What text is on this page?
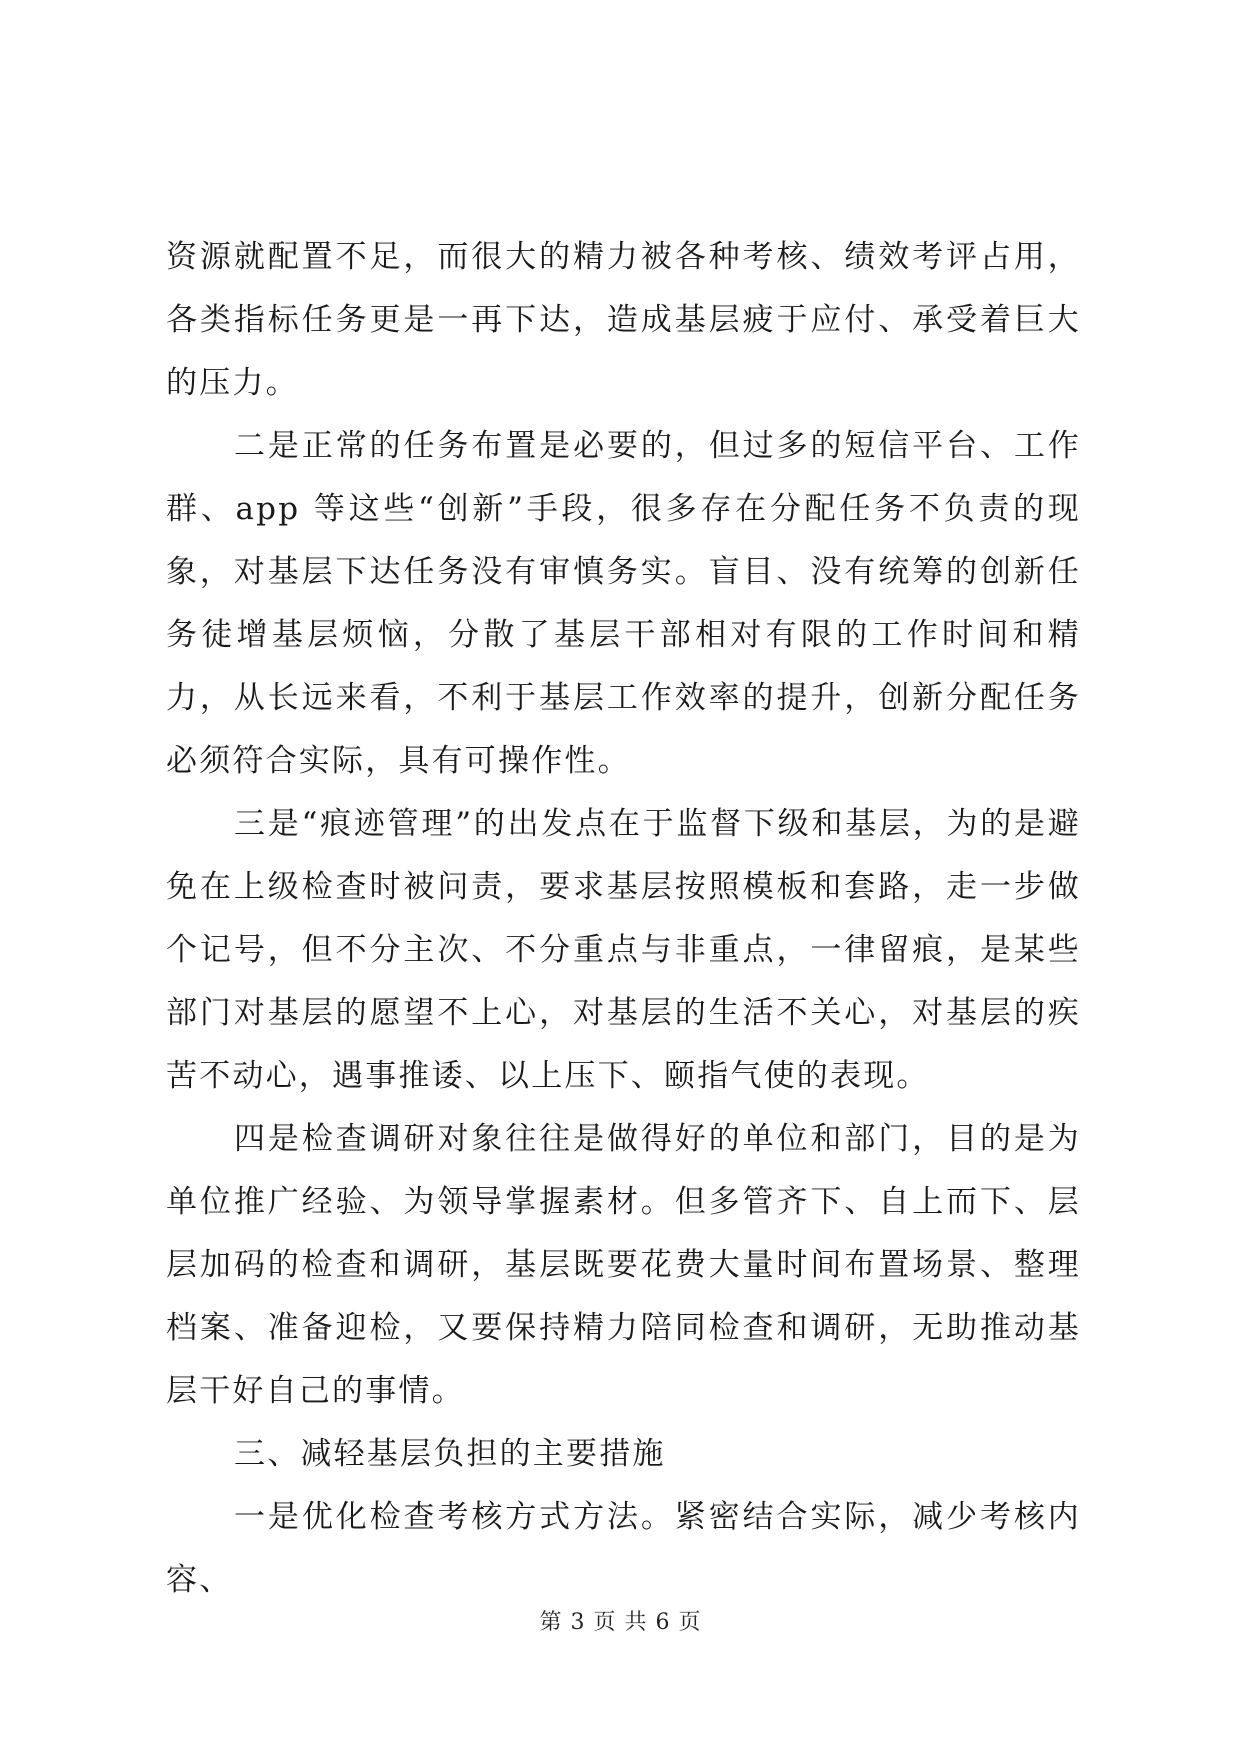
资源就配置不足，而很大的精力被各种考核、绩效考评占用，各类指标任务更是一再下达，造成基层疲于应付、承受着巨大的压力。

二是正常的任务布置是必要的，但过多的短信平台、工作群、app 等这些“创新”手段，很多存在分配任务不负责的现象，对基层下达任务没有审慎务实。盲目、没有统筹的创新任务徒增基层烦恼，分散了基层干部相对有限的工作时间和精力，从长远来看，不利于基层工作效率的提升，创新分配任务必须符合实际，具有可操作性。

三是“痕迹管理”的出发点在于监督下级和基层，为的是避免在上级检查时被问责，要求基层按照模板和套路，走一步做个记号，但不分主次、不分重点与非重点，一律留痕，是某些部门对基层的愿望不上心，对基层的生活不关心，对基层的疾苦不动心，遇事推诿、以上压下、颐指气使的表现。

四是检查调研对象往往是做得好的单位和部门，目的是为单位推广经验、为领导掌握素材。但多管齐下、自上而下、层层加码的检查和调研，基层既要花费大量时间布置场景、整理档案、准备迎检，又要保持精力陪同检查和调研，无助推动基层干好自己的事情。

三、减轻基层负担的主要措施

一是优化检查考核方式方法。紧密结合实际，减少考核内容、

第 3 页 共 6 页
